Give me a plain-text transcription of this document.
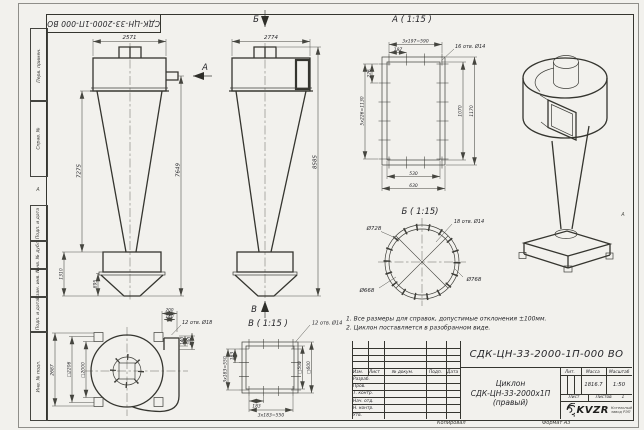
Перв. примен.
Справ. №
Подп. и дата
Инв. № дубл.
Взам. инв. №
Подп. и дата
Инв. № подл.
СДК-ЦН-33-2000-1П-000 ВО
2571
7275
1310
895
7649
А
Б
2774
8585
В
А ( 1:15 )
3x197=590
197
226
5x226=1130
16 отв. Ø14
1070 1170
530
630
Б ( 1:15)
Ø728
Ø668
Ø768
18 отв. Ø14
В ( 1:15 )
183
3x183=550
183
3x183=550
□500 □600
12 отв. Ø14
2687	□2206 □2000
200
140
12 отв. Ø18
140 200
1. Все размеры для справок, допустимые отклонения ±100мм.
2. Циклон поставляется в разобранном виде.
А
А
Изм. Лист	№ докум.	Подп. Дата
Разраб.
Пров.
Т. контр.
Нач. отд.
Н. контр.
Утв.
СДК-ЦН-33-2000-1П-000 ВО
Циклон
СДК-ЦН-33-2000х1П
(правый)
Лит.	Масса Масштаб
1816.7 1:50
Лист	Листов 1
KVZR Котельный
завод РЭП
Копировал	Формат А3
